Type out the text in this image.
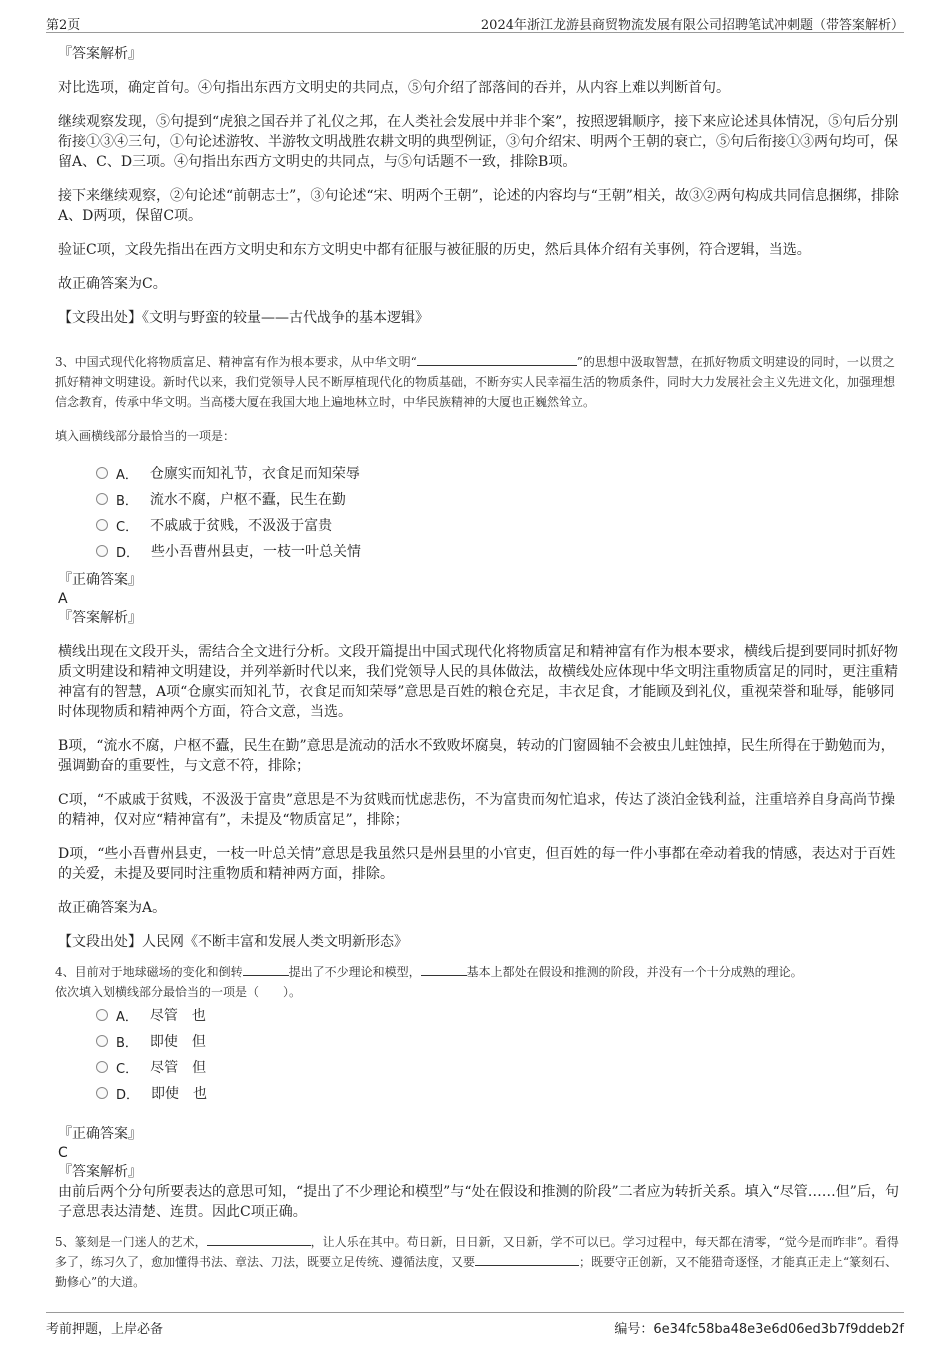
第2页	2024年浙江龙游县商贸物流发展有限公司招聘笔试冲刺题（带答案解析）
『答案解析』

对比选项，确定首句。④句指出东西方文明史的共同点，⑤句介绍了部落间的吞并，从内容上难以判断首句。

继续观察发现，⑤句提到“虎狼之国吞并了礼仪之邦，在人类社会发展中并非个案”，按照逻辑顺序，接下来应论述具体情况，⑤句后分别衔接①③④三句，①句论述游牧、半游牧文明战胜农耕文明的典型例证，③句介绍宋、明两个王朝的衰亡，⑤句后衔接①③两句均可，保留A、C、D三项。④句指出东西方文明史的共同点，与⑤句话题不一致，排除B项。

接下来继续观察，②句论述“前朝志士”，③句论述“宋、明两个王朝”，论述的内容均与“王朝”相关，故③②两句构成共同信息捆绑，排除A、D两项，保留C项。

验证C项，文段先指出在西方文明史和东方文明史中都有征服与被征服的历史，然后具体介绍有关事例，符合逻辑，当选。

故正确答案为C。

【文段出处】《文明与野蛮的较量——古代战争的基本逻辑》

3、中国式现代化将物质富足、精神富有作为根本要求，从中华文明“	”的思想中汲取智慧，在抓好物质文明建设的同时，一以贯之抓好精神文明建设。新时代以来，我们党领导人民不断厚植现代化的物质基础，不断夯实人民幸福生活的物质条件，同时大力发展社会主义先进文化，加强理想信念教育，传承中华文明。当高楼大厦在我国大地上遍地林立时，中华民族精神的大厦也正巍然耸立。

填入画横线部分最恰当的一项是：
A． 仓廪实而知礼节，衣食足而知荣辱
B． 流水不腐，户枢不蠹，民生在勤
C． 不戚戚于贫贱，不汲汲于富贵
D． 些小吾曹州县吏，一枝一叶总关情
『正确答案』
A
『答案解析』

横线出现在文段开头，需结合全文进行分析。文段开篇提出中国式现代化将物质富足和精神富有作为根本要求，横线后提到要同时抓好物质文明建设和精神文明建设，并列举新时代以来，我们党领导人民的具体做法，故横线处应体现中华文明注重物质富足的同时，更注重精神富有的智慧，A项“仓廪实而知礼节，衣食足而知荣辱”意思是百姓的粮仓充足，丰衣足食，才能顾及到礼仪，重视荣誉和耻辱，能够同时体现物质和精神两个方面，符合文意，当选。

B项，“流水不腐，户枢不蠹，民生在勤”意思是流动的活水不致败坏腐臭，转动的门窗圆轴不会被虫儿蛀蚀掉，民生所得在于勤勉而为，强调勤奋的重要性，与文意不符，排除；

C项，“不戚戚于贫贱，不汲汲于富贵”意思是不为贫贱而忧虑悲伤，不为富贵而匆忙追求，传达了淡泊金钱利益，注重培养自身高尚节操的精神，仅对应“精神富有”，未提及“物质富足”，排除；

D项，“些小吾曹州县吏，一枝一叶总关情”意思是我虽然只是州县里的小官吏，但百姓的每一件小事都在牵动着我的情感，表达对于百姓的关爱，未提及要同时注重物质和精神两方面，排除。

故正确答案为A。

【文段出处】人民网《不断丰富和发展人类文明新形态》

4、目前对于地球磁场的变化和倒转	提出了不少理论和模型，	基本上都处在假设和推测的阶段，并没有一个十分成熟的理论。

依次填入划横线部分最恰当的一项是（　　）。
A． 尽管　也
B． 即使　但
C． 尽管　但
D． 即使　也
『正确答案』
C
『答案解析』

由前后两个分句所要表达的意思可知，“提出了不少理论和模型”与“处在假设和推测的阶段”二者应为转折关系。填入“尽管……但”后，句子意思表达清楚、连贯。因此C项正确。

5、篆刻是一门迷人的艺术，	，让人乐在其中。苟日新，日日新，又日新，学不可以已。学习过程中，每天都在清零，“觉今是而昨非”。看得多了，练习久了，愈加懂得书法、章法、刀法，既要立足传统、遵循法度，又要	；既要守正创新，又不能猎奇逐怪，才能真正走上“篆刻石、勤修心”的大道。

考前押题，上岸必备	编号：6e34fc58ba48e3e6d06ed3b7f9ddeb2f
